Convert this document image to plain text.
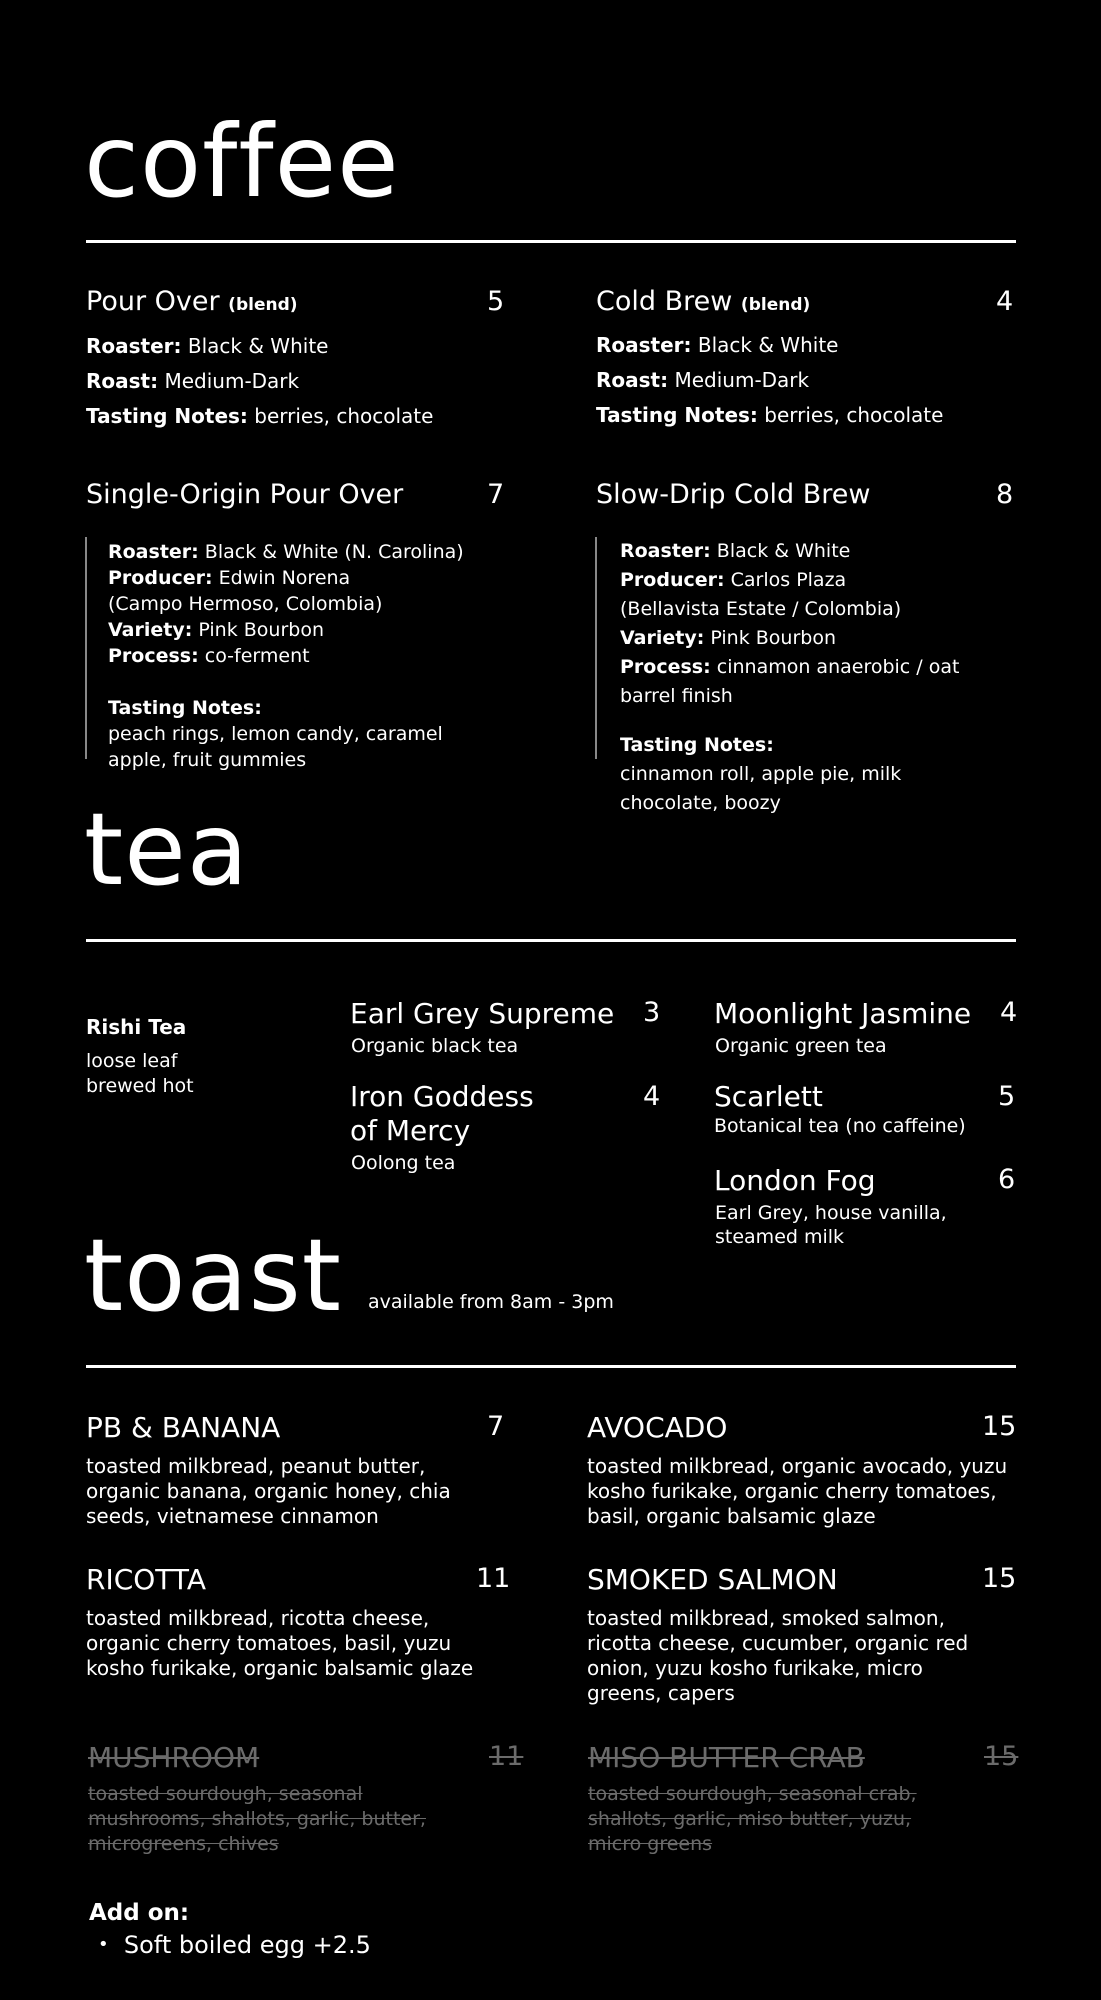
coffee
Pour Over (blend)	5
Roaster: Black & White
Roast: Medium-Dark
Tasting Notes: berries, chocolate
Cold Brew (blend)	4
Roaster: Black & White
Roast: Medium-Dark
Tasting Notes: berries, chocolate
Single-Origin Pour Over	7
Roaster: Black & White (N. Carolina)
Producer: Edwin Norena
(Campo Hermoso, Colombia)
Variety: Pink Bourbon
Process: co-ferment
Tasting Notes:
peach rings, lemon candy, caramel
apple, fruit gummies
Slow-Drip Cold Brew	8
Roaster: Black & White
Producer: Carlos Plaza
(Bellavista Estate / Colombia)
Variety: Pink Bourbon
Process: cinnamon anaerobic / oat
barrel finish
Tasting Notes:
cinnamon roll, apple pie, milk
chocolate, boozy
tea
Rishi Tea
loose leaf
brewed hot
Earl Grey Supreme 3
Organic black tea
Iron Goddess
of Mercy
4
Oolong tea
Moonlight Jasmine 4
Organic green tea
Scarlett	5
Botanical tea (no caffeine)
London Fog	6
Earl Grey, house vanilla,
steamed milk
toast available from 8am - 3pm
PB & BANANA	7
toasted milkbread, peanut butter,
organic banana, organic honey, chia
seeds, vietnamese cinnamon
AVOCADO	15
toasted milkbread, organic avocado, yuzu
kosho furikake, organic cherry tomatoes,
basil, organic balsamic glaze
RICOTTA	11
toasted milkbread, ricotta cheese,
organic cherry tomatoes, basil, yuzu
kosho furikake, organic balsamic glaze
SMOKED SALMON	15
toasted milkbread, smoked salmon,
ricotta cheese, cucumber, organic red
onion, yuzu kosho furikake, micro
greens, capers
MUSHROOM	11
toasted sourdough, seasonal
mushrooms, shallots, garlic, butter,
microgreens, chives
MISO BUTTER CRAB	15
toasted sourdough, seasonal crab,
shallots, garlic, miso butter, yuzu,
micro greens
Add on:
• Soft boiled egg +2.5
